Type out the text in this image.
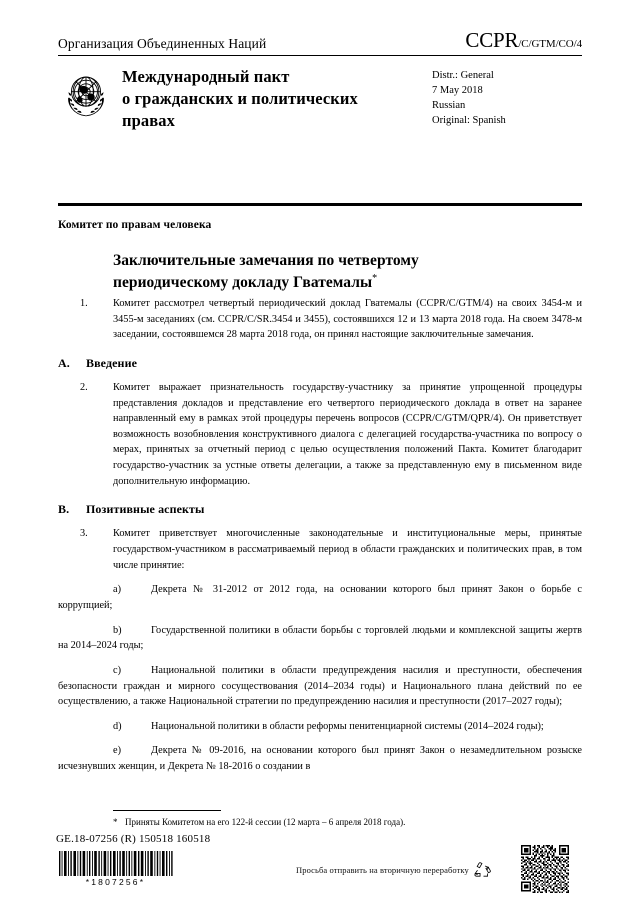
Организация Объединенных Наций	CCPR/C/GTM/CO/4
Международный пакт
о гражданских и политических
правах
Distr.: General
7 May 2018
Russian
Original: Spanish
Комитет по правам человека
Заключительные замечания по четвертому
периодическому докладу Гватемалы*

1. Комитет рассмотрел четвертый периодический доклад Гватемалы (CCPR/C/GTM/4) на своих 3454-м и 3455-м заседаниях (см. CCPR/C/SR.3454 и 3455), состоявшихся 12 и 13 марта 2018 года. На своем 3478-м заседании, состоявшемся 28 марта 2018 года, он принял настоящие заключительные замечания.

A. Введение

2. Комитет выражает признательность государству-участнику за принятие упрощенной процедуры представления докладов и представление его четвертого периодического доклада в ответ на заранее направленный ему в рамках этой процедуры перечень вопросов (CCPR/C/GTM/QPR/4). Он приветствует возможность возобновления конструктивного диалога с делегацией государства-участника по вопросу о мерах, принятых за отчетный период с целью осуществления положений Пакта. Комитет благодарит государство-участник за устные ответы делегации, а также за представленную ему в письменном виде дополнительную информацию.

B. Позитивные аспекты

3. Комитет приветствует многочисленные законодательные и институциональные меры, принятые государством-участником в рассматриваемый период в области гражданских и политических прав, в том числе принятие:

a)	Декрета № 31-2012 от 2012 года, на основании которого был принят Закон о борьбе с коррупцией;

b)	Государственной политики в области борьбы с торговлей людьми и комплексной защиты жертв на 2014–2024 годы;

c)	Национальной политики в области предупреждения насилия и преступности, обеспечения безопасности граждан и мирного сосуществования (2014–2034 годы) и Национального плана действий по ее осуществлению, а также Национальной стратегии по предупреждению насилия и преступности (2017–2027 годы);

d)	Национальной политики в области реформы пенитенциарной системы (2014–2024 годы);

e)	Декрета № 09-2016, на основании которого был принят Закон о незамедлительном розыске исчезнувших женщин, и Декрета № 18-2016 о создании в

* Приняты Комитетом на его 122-й сессии (12 марта – 6 апреля 2018 года).
GE.18-07256 (R) 150518 160518
*1807256*
Просьба отправить на вторичную переработку
